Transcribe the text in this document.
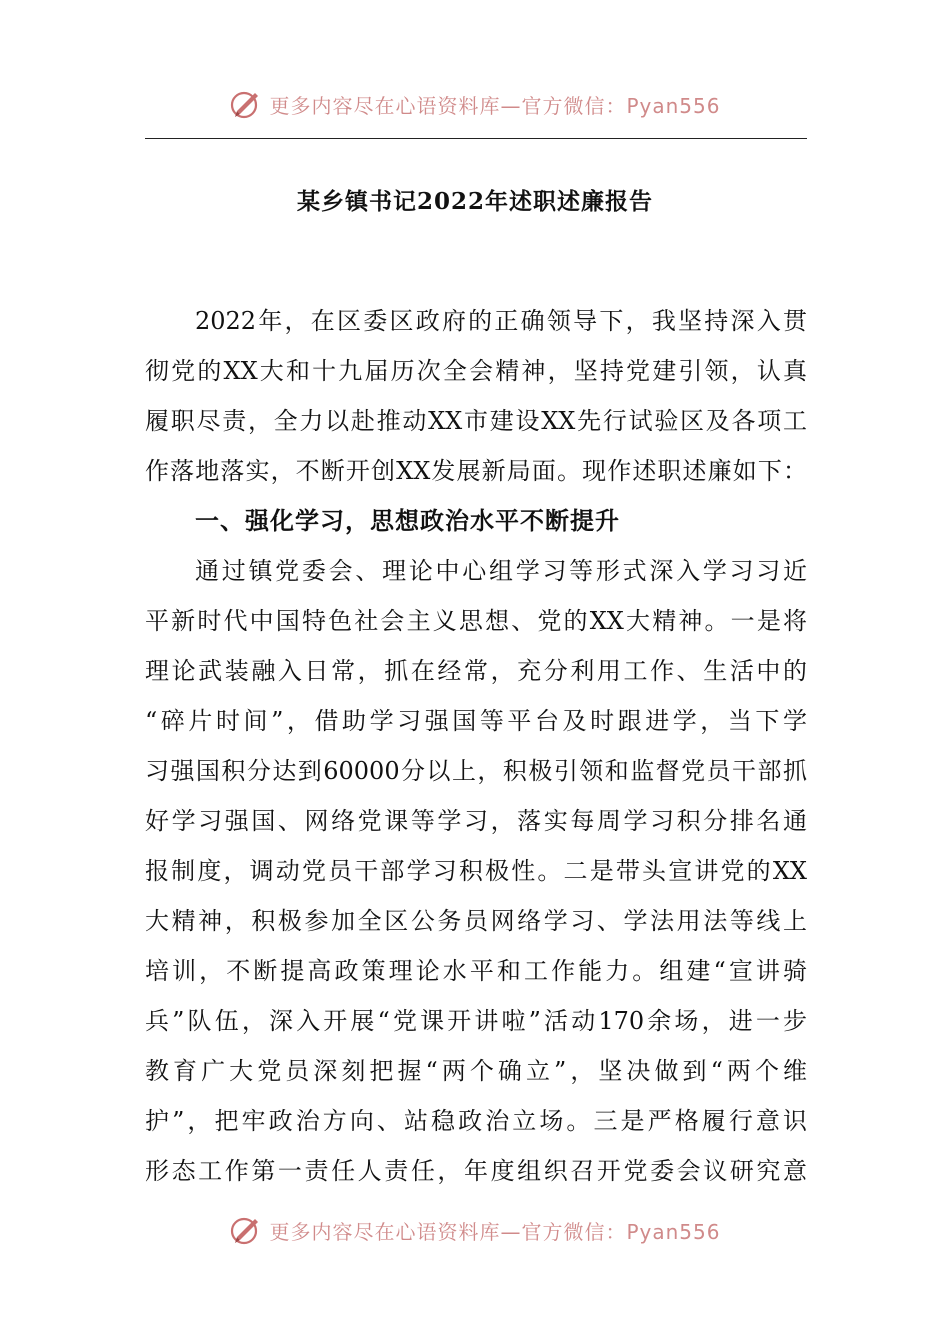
更多内容尽在心语资料库—官方微信：Pyan556
某乡镇书记2022年述职述廉报告
2022年，在区委区政府的正确领导下，我坚持深入贯
彻党的XX大和十九届历次全会精神，坚持党建引领，认真
履职尽责，全力以赴推动XX市建设XX先行试验区及各项工
作落地落实，不断开创XX发展新局面。现作述职述廉如下：
一、强化学习，思想政治水平不断提升
通过镇党委会、理论中心组学习等形式深入学习习近
平新时代中国特色社会主义思想、党的XX大精神。一是将
理论武装融入日常，抓在经常，充分利用工作、生活中的
“碎片时间”，借助学习强国等平台及时跟进学，当下学
习强国积分达到60000分以上，积极引领和监督党员干部抓
好学习强国、网络党课等学习，落实每周学习积分排名通
报制度，调动党员干部学习积极性。二是带头宣讲党的XX
大精神，积极参加全区公务员网络学习、学法用法等线上
培训，不断提高政策理论水平和工作能力。组建“宣讲骑
兵”队伍，深入开展“党课开讲啦”活动170余场，进一步
教育广大党员深刻把握“两个确立”，坚决做到“两个维
护”，把牢政治方向、站稳政治立场。三是严格履行意识
形态工作第一责任人责任，年度组织召开党委会议研究意
更多内容尽在心语资料库—官方微信：Pyan556
